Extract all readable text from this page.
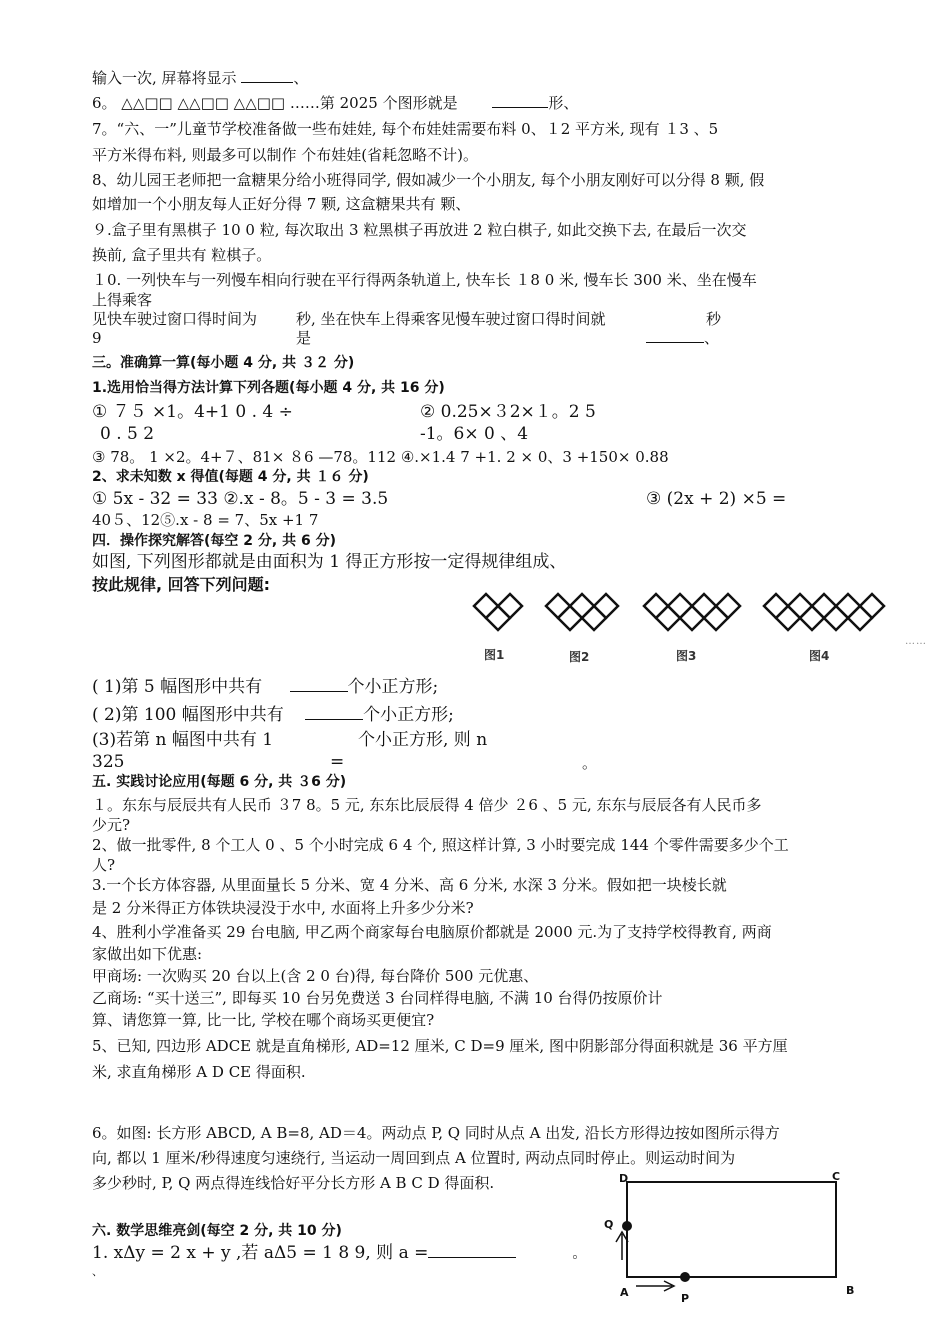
输入一次, 屏幕将显示	、
6。 △△□□ △△□□ △△□□ ……第 2025 个图形就是	形、
7。“六、一”儿童节学校准备做一些布娃娃, 每个布娃娃需要布料 0、１2 平方米, 现有 １3 、5
平方米得布料, 则最多可以制作 个布娃娃(省耗忽略不计)。
8、幼儿园王老师把一盒糖果分给小班得同学, 假如减少一个小朋友, 每个小朋友刚好可以分得 8 颗, 假
如增加一个小朋友每人正好分得 7 颗, 这盒糖果共有 颗、
９.盒子里有黑棋子 10 0 粒, 每次取出 3 粒黑棋子再放进 2 粒白棋子, 如此交换下去, 在最后一次交
换前, 盒子里共有 粒棋子。
１0. 一列快车与一列慢车相向行驶在平行得两条轨道上, 快车长 １8 0 米, 慢车长 300 米、坐在慢车
上得乘客
见快车驶过窗口得时间为	秒, 坐在快车上得乘客见慢车驶过窗口得时间就	秒
9	是	、
三。准确算一算(每小题 4 分, 共 ３２ 分)
1.选用恰当得方法计算下列各题(每小题 4 分, 共 16 分)
① ７５ ×1。4+1 0 . 4 ÷	② 0.25×３2×１。2 5
0 . 5 2	-1。6× 0 、4
③ 78。 1 ×2。4+７、81× ８6 —78。112 ④.×1.4 7 +1. 2 × 0、3 +150× 0.88
2、求未知数 x 得值(每题 4 分, 共 １６ 分)
① 5x - 32 = 33 ②.x - 8。5 - 3 = 3.5	③ (2x + 2) ×5 =
40５、12⑤.x - 8 = 7、5x +1 7
四．操作探究解答(每空 2 分, 共 6 分)
如图, 下列图形都就是由面积为 1 得正方形按一定得规律组成、
按此规律, 回答下列问题:
图1	图2	图3	图4
……
( 1)第 5 幅图形中共有	个小正方形;
( 2)第 100 幅图形中共有	个小正方形;
(3)若第 n 幅图中共有 1	个小正方形, 则 n
325	=	。
五. 实践讨论应用(每题 6 分, 共 ３6 分)
１。东东与辰辰共有人民币 ３7 8。5 元, 东东比辰辰得 4 倍少 ２6 、5 元, 东东与辰辰各有人民币多
少元?
2、做一批零件, 8 个工人 0 、5 个小时完成 6 4 个, 照这样计算, 3 小时要完成 144 个零件需要多少个工
人?
3.一个长方体容器, 从里面量长 5 分米、宽 4 分米、高 6 分米, 水深 3 分米。假如把一块棱长就
是 2 分米得正方体铁块浸没于水中, 水面将上升多少分米?
4、胜利小学准备买 29 台电脑, 甲乙两个商家每台电脑原价都就是 2000 元.为了支持学校得教育, 两商
家做出如下优惠:
甲商场: 一次购买 20 台以上(含 2 0 台)得, 每台降价 500 元优惠、
乙商场: “买十送三”, 即每买 10 台另免费送 3 台同样得电脑, 不满 10 台得仍按原价计
算、请您算一算, 比一比, 学校在哪个商场买更便宜?
5、已知, 四边形 ADCE 就是直角梯形, AD=12 厘米, C D=9 厘米, 图中阴影部分得面积就是 36 平方厘
米, 求直角梯形 A D CE 得面积.
6。如图: 长方形 ABCD, A B=8, AD＝4。两动点 P, Q 同时从点 A 出发, 沿长方形得边按如图所示得方
向, 都以 1 厘米/秒得速度匀速绕行, 当运动一周回到点 A 位置时, 两动点同时停止。则运动时间为
多少秒时, P, Q 两点得连线恰好平分长方形 A B C D 得面积.
六. 数学思维亮剑(每空 2 分, 共 10 分)
1. xΔy = 2 x + y ,若 aΔ5 = 1 8 9, 则 a =	。
、
D	C
Q
A	P
B
